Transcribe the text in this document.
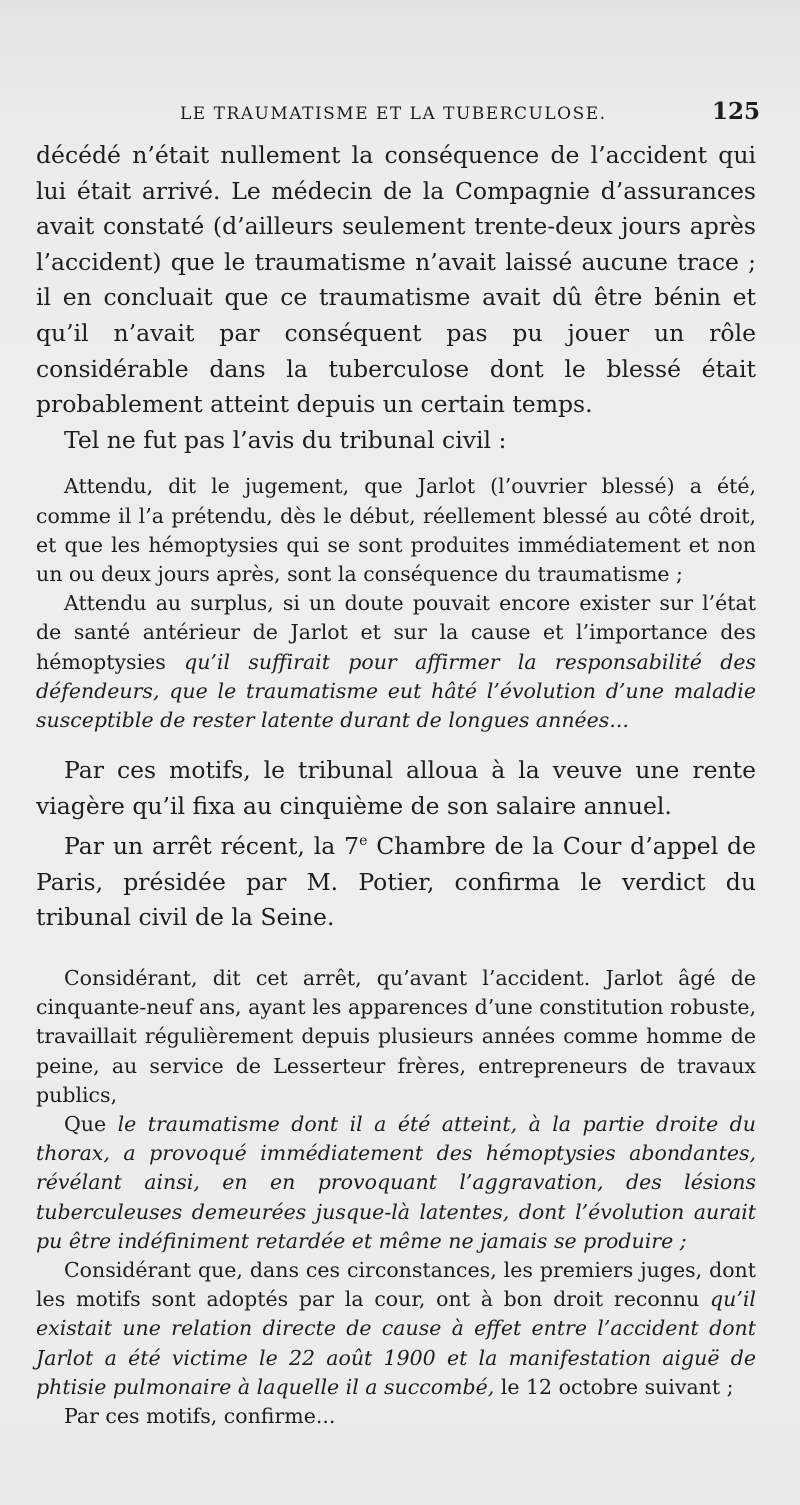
LE TRAUMATISME ET LA TUBERCULOSE.	125

décédé n’était nullement la conséquence de l’accident qui lui était arrivé. Le médecin de la Compagnie d’assurances avait constaté (d’ailleurs seulement trente-deux jours après l’accident) que le traumatisme n’avait laissé aucune trace ; il en concluait que ce traumatisme avait dû être bénin et qu’il n’avait par conséquent pas pu jouer un rôle considérable dans la tuberculose dont le blessé était probablement atteint depuis un certain temps.

Tel ne fut pas l’avis du tribunal civil :

Attendu, dit le jugement, que Jarlot (l’ouvrier blessé) a été, comme il l’a prétendu, dès le début, réellement blessé au côté droit, et que les hémoptysies qui se sont produites immédiatement et non un ou deux jours après, sont la conséquence du traumatisme ;

Attendu au surplus, si un doute pouvait encore exister sur l’état de santé antérieur de Jarlot et sur la cause et l’importance des hémoptysies qu’il suffirait pour affirmer la responsabilité des défendeurs, que le traumatisme eut hâté l’évolution d’une maladie susceptible de rester latente durant de longues années...

Par ces motifs, le tribunal alloua à la veuve une rente viagère qu’il fixa au cinquième de son salaire annuel.

Par un arrêt récent, la 7e Chambre de la Cour d’appel de Paris, présidée par M. Potier, confirma le verdict du tribunal civil de la Seine.

Considérant, dit cet arrêt, qu’avant l’accident. Jarlot âgé de cinquante-neuf ans, ayant les apparences d’une constitution robuste, travaillait régulièrement depuis plusieurs années comme homme de peine, au service de Lesserteur frères, entrepreneurs de travaux publics,

Que le traumatisme dont il a été atteint, à la partie droite du thorax, a provoqué immédiatement des hémoptysies abondantes, révélant ainsi, en en provoquant l’aggravation, des lésions tuberculeuses demeurées jusque-là latentes, dont l’évolution aurait pu être indéfiniment retardée et même ne jamais se produire ;

Considérant que, dans ces circonstances, les premiers juges, dont les motifs sont adoptés par la cour, ont à bon droit reconnu qu’il existait une relation directe de cause à effet entre l’accident dont Jarlot a été victime le 22 août 1900 et la manifestation aiguë de phtisie pulmonaire à laquelle il a succombé, le 12 octobre suivant ;

Par ces motifs, confirme...
